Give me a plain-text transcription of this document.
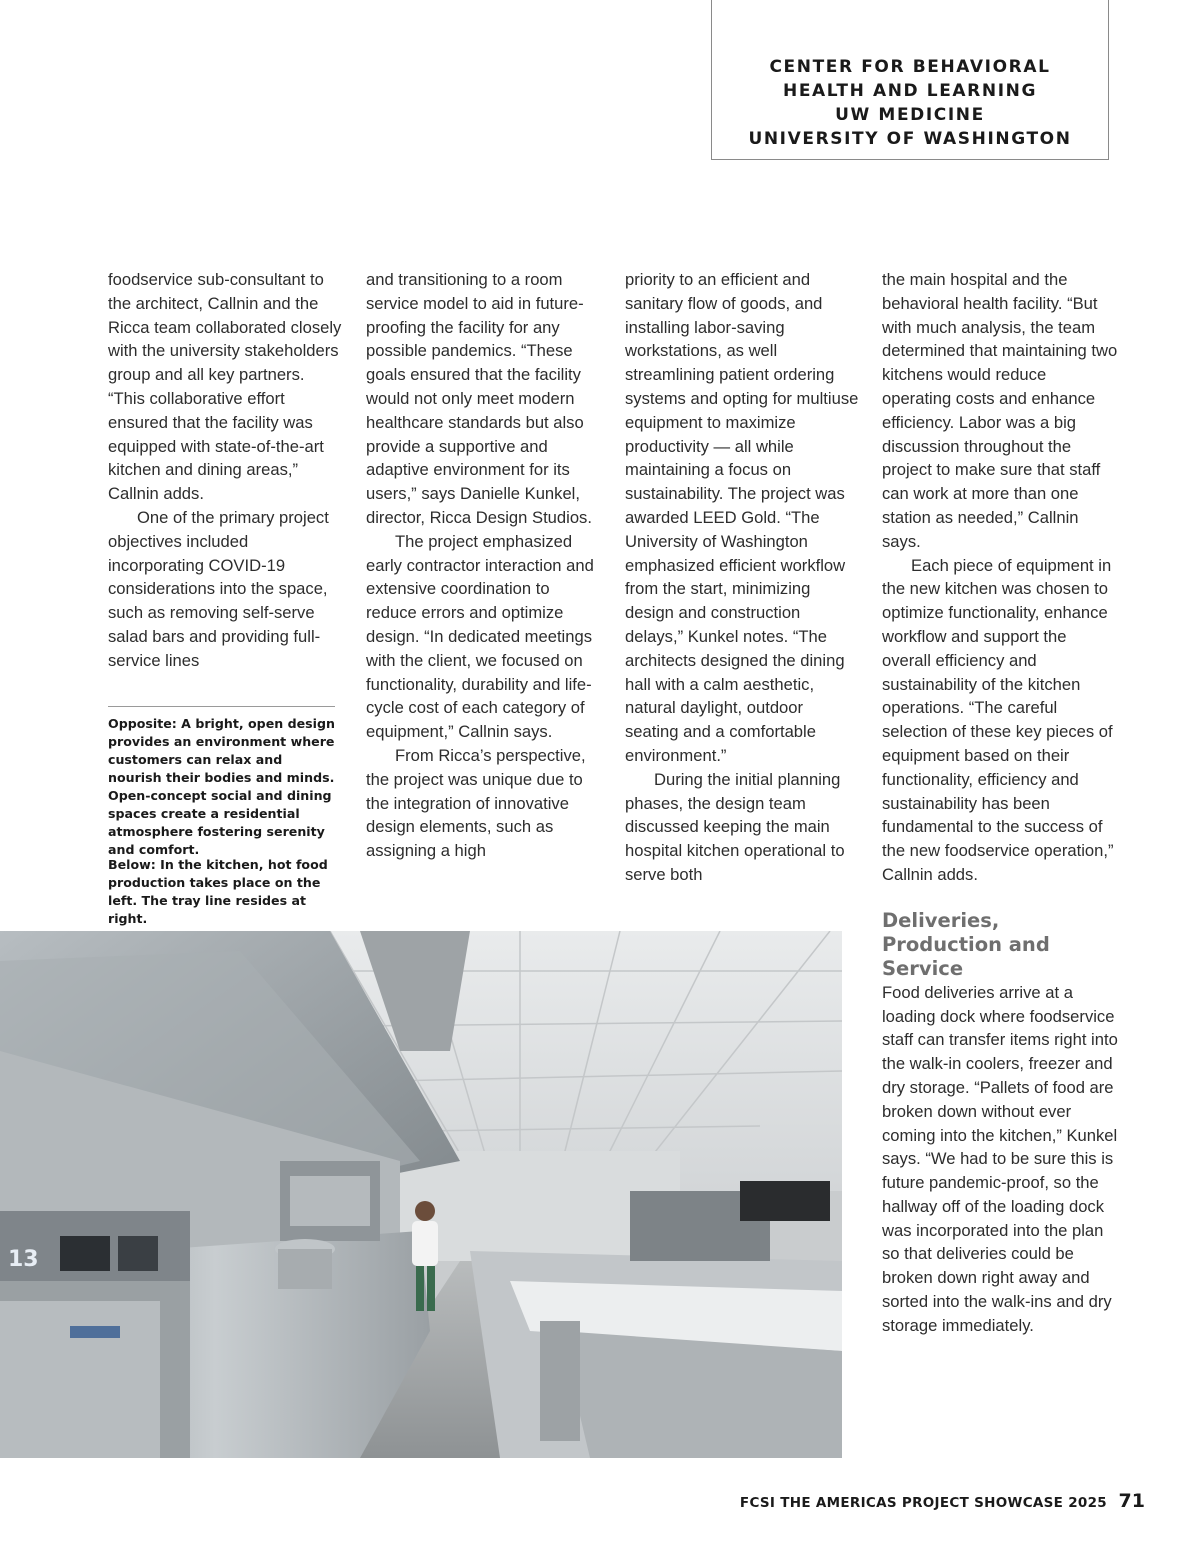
CENTER FOR BEHAVIORAL
HEALTH AND LEARNING
UW MEDICINE
UNIVERSITY OF WASHINGTON

foodservice sub-consultant to the architect, Callnin and the Ricca team collaborated closely with the university stakeholders group and all key partners. “This collaborative effort ensured that the facility was equipped with state-of-the-art kitchen and dining areas,” Callnin adds.

One of the primary project objectives included incorporating COVID-19 considerations into the space, such as removing self-serve salad bars and providing full-service lines

Opposite: A bright, open design provides an environment where customers can relax and nourish their bodies and minds. Open-concept social and dining spaces create a residential atmosphere fostering serenity and comfort.
Below: In the kitchen, hot food production takes place on the left. The tray line resides at right.

and transitioning to a room service model to aid in future-proofing the facility for any possible pandemics. “These goals ensured that the facility would not only meet modern healthcare standards but also provide a supportive and adaptive environment for its users,” says Danielle Kunkel, director, Ricca Design Studios.

The project emphasized early contractor interaction and extensive coordination to reduce errors and optimize design. “In dedicated meetings with the client, we focused on functionality, durability and life-cycle cost of each category of equipment,” Callnin says.

From Ricca’s perspective, the project was unique due to the integration of innovative design elements, such as assigning a high

priority to an efficient and sanitary flow of goods, and installing labor-saving workstations, as well streamlining patient ordering systems and opting for multiuse equipment to maximize productivity — all while maintaining a focus on sustainability. The project was awarded LEED Gold. “The University of Washington emphasized efficient workflow from the start, minimizing design and construction delays,” Kunkel notes. “The architects designed the dining hall with a calm aesthetic, natural daylight, outdoor seating and a comfortable environment.”

During the initial planning phases, the design team discussed keeping the main hospital kitchen operational to serve both

the main hospital and the behavioral health facility. “But with much analysis, the team determined that maintaining two kitchens would reduce operating costs and enhance efficiency. Labor was a big discussion throughout the project to make sure that staff can work at more than one station as needed,” Callnin says.

Each piece of equipment in the new kitchen was chosen to optimize functionality, enhance workflow and support the overall efficiency and sustainability of the kitchen operations. “The careful selection of these key pieces of equipment based on their functionality, efficiency and sustainability has been fundamental to the success of the new foodservice operation,” Callnin adds.

Deliveries, Production and Service

Food deliveries arrive at a loading dock where foodservice staff can transfer items right into the walk-in coolers, freezer and dry storage. “Pallets of food are broken down without ever coming into the kitchen,” Kunkel says. “We had to be sure this is future pandemic-proof, so the hallway off of the loading dock was incorporated into the plan so that deliveries could be broken down right away and sorted into the walk-ins and dry storage immediately.

13
FCSI THE AMERICAS PROJECT SHOWCASE 2025 71
